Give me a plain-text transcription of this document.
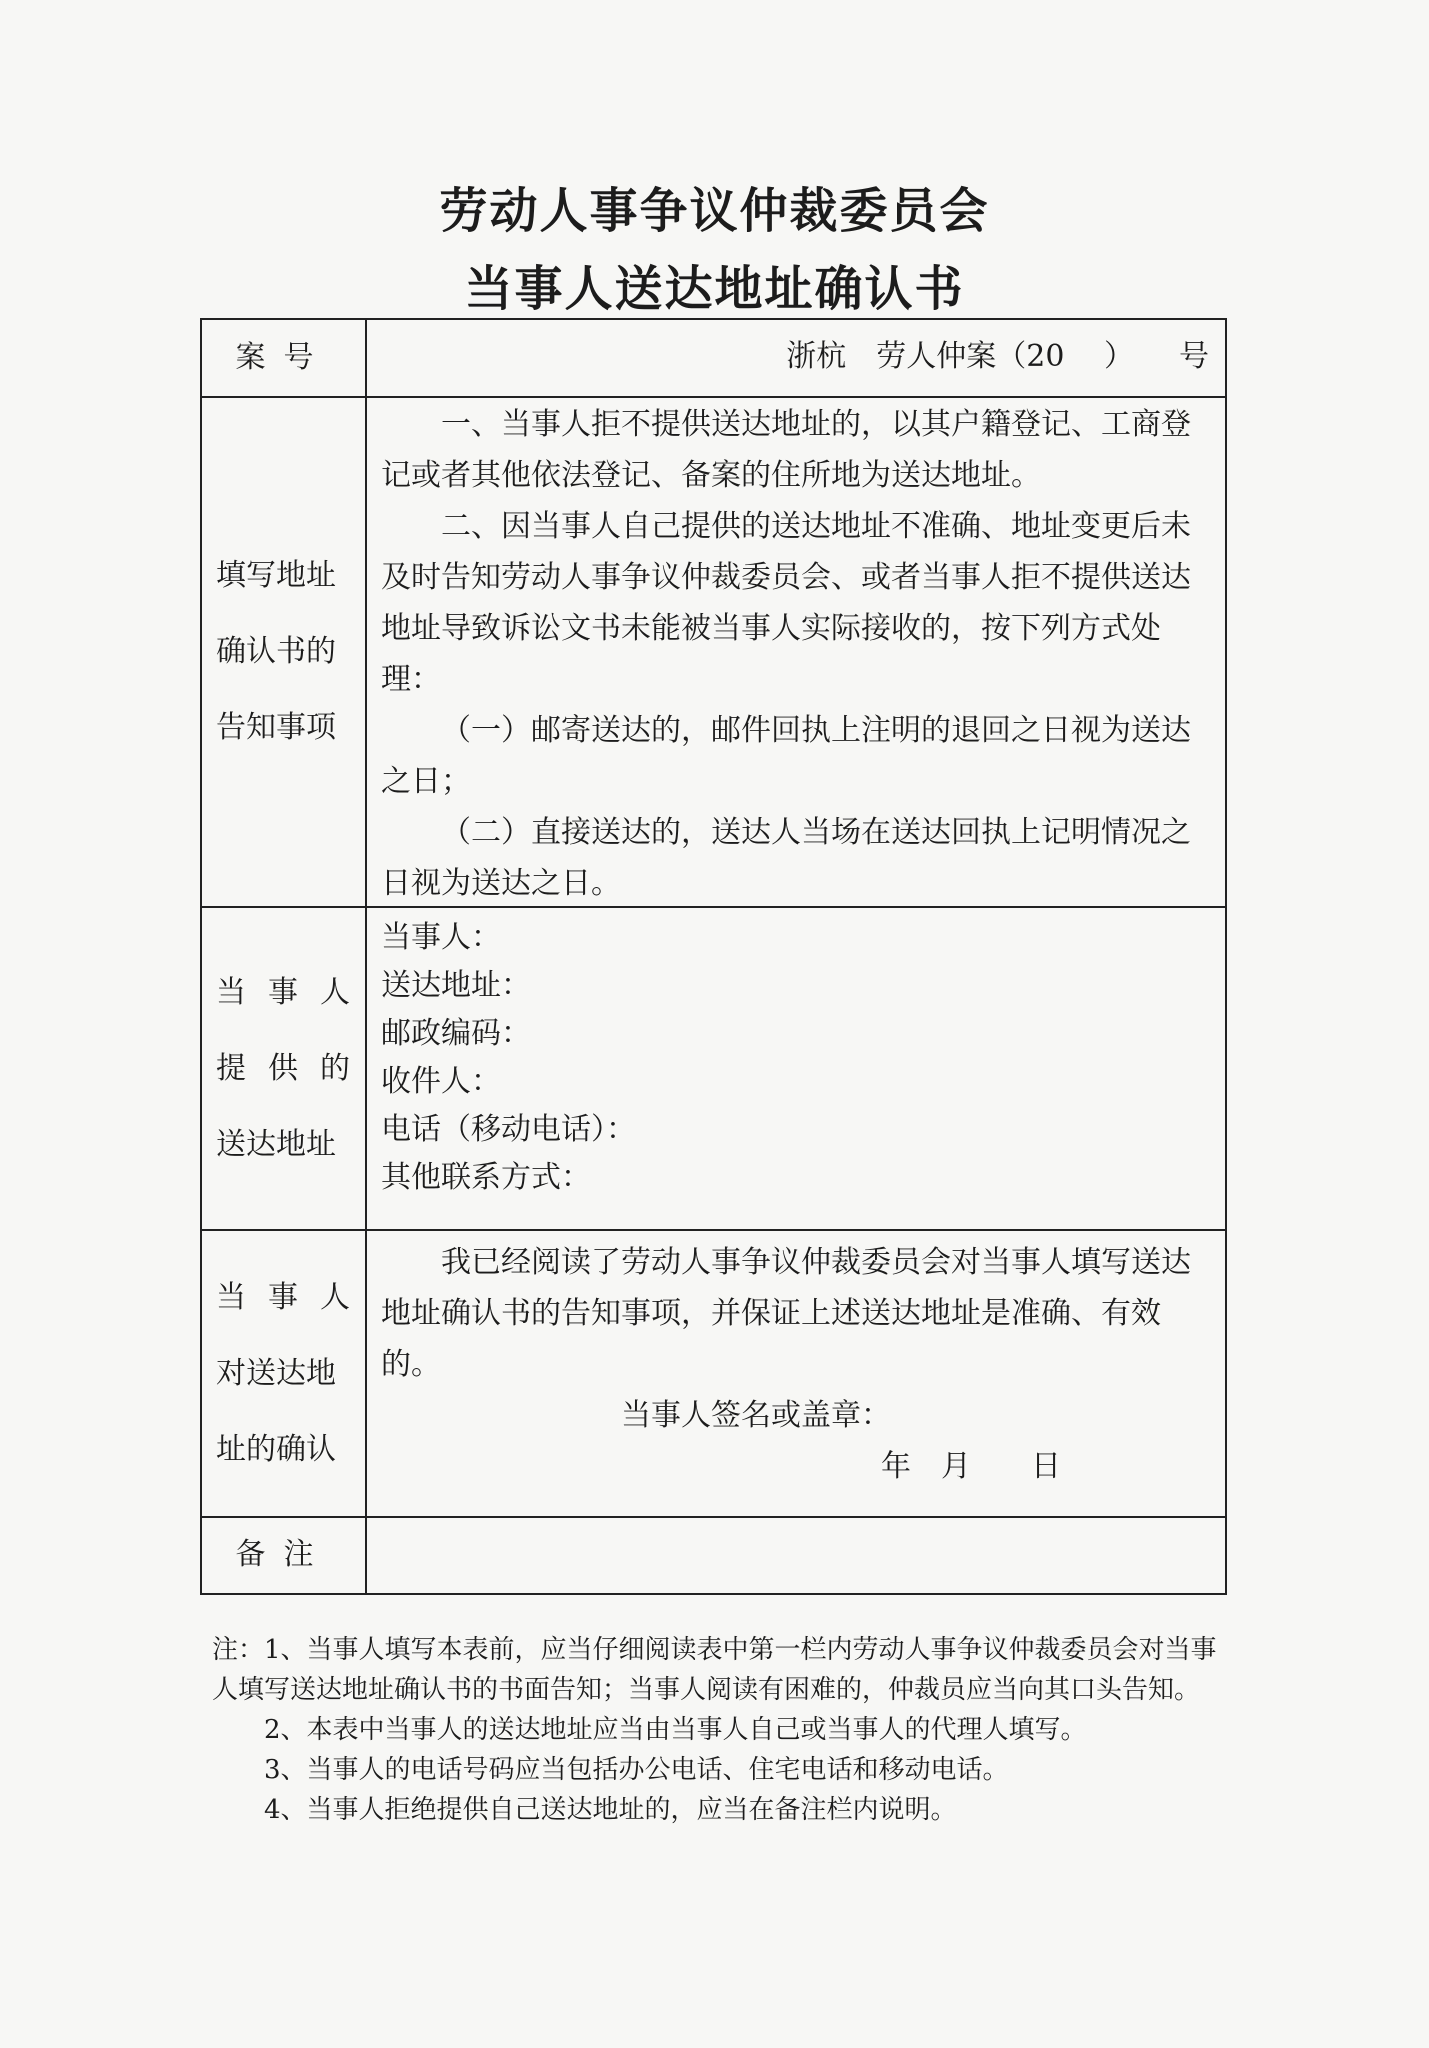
劳动人事争议仲裁委员会
当事人送达地址确认书
案号	浙杭　劳人仲案（20　 ）　　号
填写地址
确认书的
告知事项

一、当事人拒不提供送达地址的，以其户籍登记、工商登记或者其他依法登记、备案的住所地为送达地址。

二、因当事人自己提供的送达地址不准确、地址变更后未及时告知劳动人事争议仲裁委员会、或者当事人拒不提供送达地址导致诉讼文书未能被当事人实际接收的，按下列方式处理：

（一）邮寄送达的，邮件回执上注明的退回之日视为送达之日；

（二）直接送达的，送达人当场在送达回执上记明情况之日视为送达之日。

当 事 人
提 供 的
送达地址

当事人：

送达地址：

邮政编码：

收件人：

电话（移动电话）：

其他联系方式：

当 事 人
对送达地
址的确认

我已经阅读了劳动人事争议仲裁委员会对当事人填写送达地址确认书的告知事项，并保证上述送达地址是准确、有效的。

当事人签名或盖章：

年　月　　日

备注

注：1、当事人填写本表前，应当仔细阅读表中第一栏内劳动人事争议仲裁委员会对当事人填写送达地址确认书的书面告知；当事人阅读有困难的，仲裁员应当向其口头告知。

2、本表中当事人的送达地址应当由当事人自己或当事人的代理人填写。

3、当事人的电话号码应当包括办公电话、住宅电话和移动电话。

4、当事人拒绝提供自己送达地址的，应当在备注栏内说明。
